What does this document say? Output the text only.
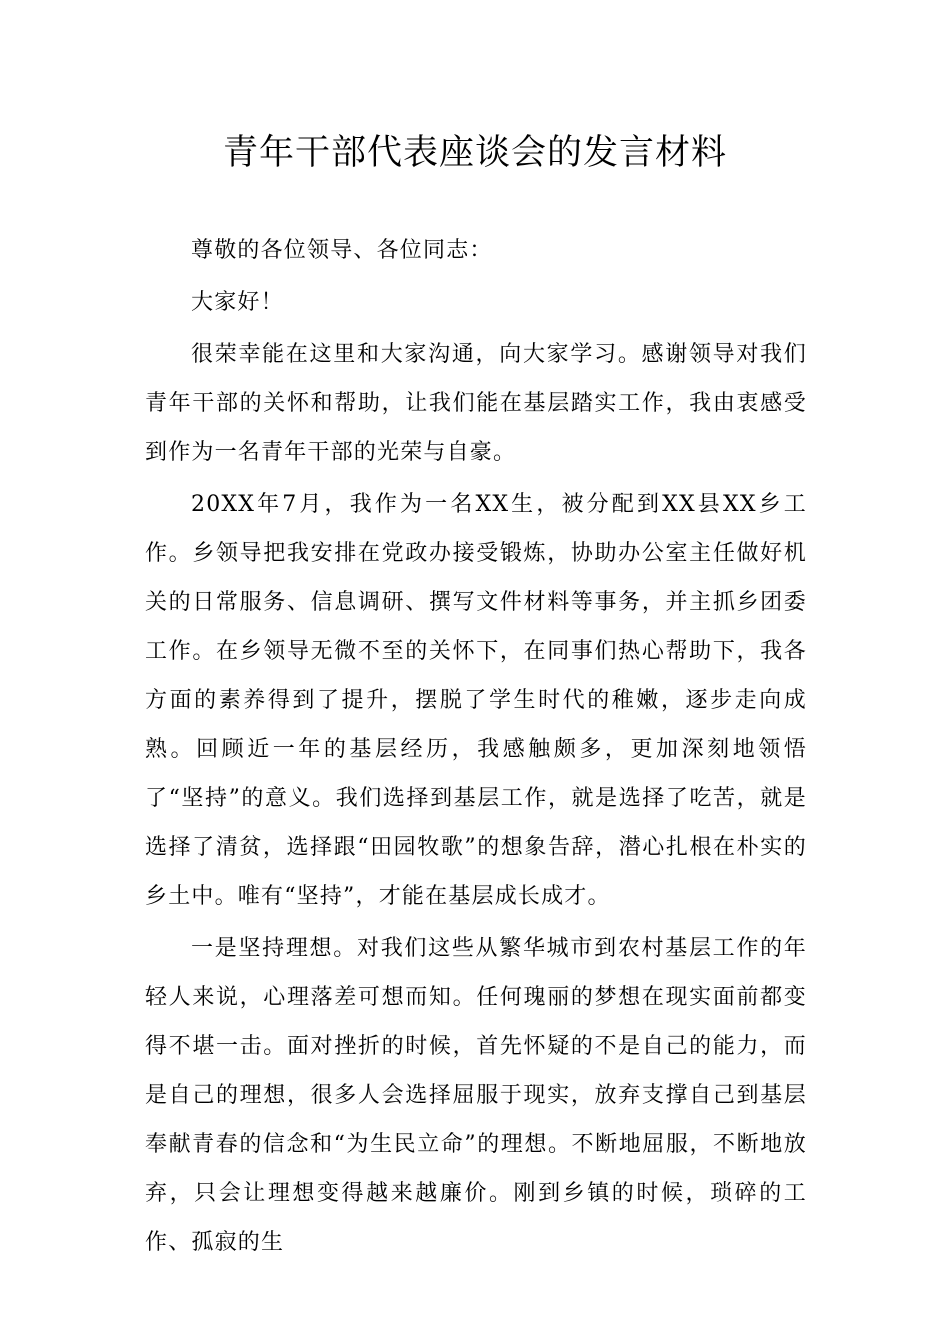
青年干部代表座谈会的发言材料

尊敬的各位领导、各位同志：

大家好！

很荣幸能在这里和大家沟通，向大家学习。感谢领导对我们青年干部的关怀和帮助，让我们能在基层踏实工作，我由衷感受到作为一名青年干部的光荣与自豪。

20XX年7月，我作为一名XX生，被分配到XX县XX乡工作。乡领导把我安排在党政办接受锻炼，协助办公室主任做好机关的日常服务、信息调研、撰写文件材料等事务，并主抓乡团委工作。在乡领导无微不至的关怀下，在同事们热心帮助下，我各方面的素养得到了提升，摆脱了学生时代的稚嫩，逐步走向成熟。回顾近一年的基层经历，我感触颇多，更加深刻地领悟了“坚持”的意义。我们选择到基层工作，就是选择了吃苦，就是选择了清贫，选择跟“田园牧歌”的想象告辞，潜心扎根在朴实的乡土中。唯有“坚持”，才能在基层成长成才。

一是坚持理想。对我们这些从繁华城市到农村基层工作的年轻人来说，心理落差可想而知。任何瑰丽的梦想在现实面前都变得不堪一击。面对挫折的时候，首先怀疑的不是自己的能力，而是自己的理想，很多人会选择屈服于现实，放弃支撑自己到基层奉献青春的信念和“为生民立命”的理想。不断地屈服，不断地放弃，只会让理想变得越来越廉价。刚到乡镇的时候，琐碎的工作、孤寂的生
